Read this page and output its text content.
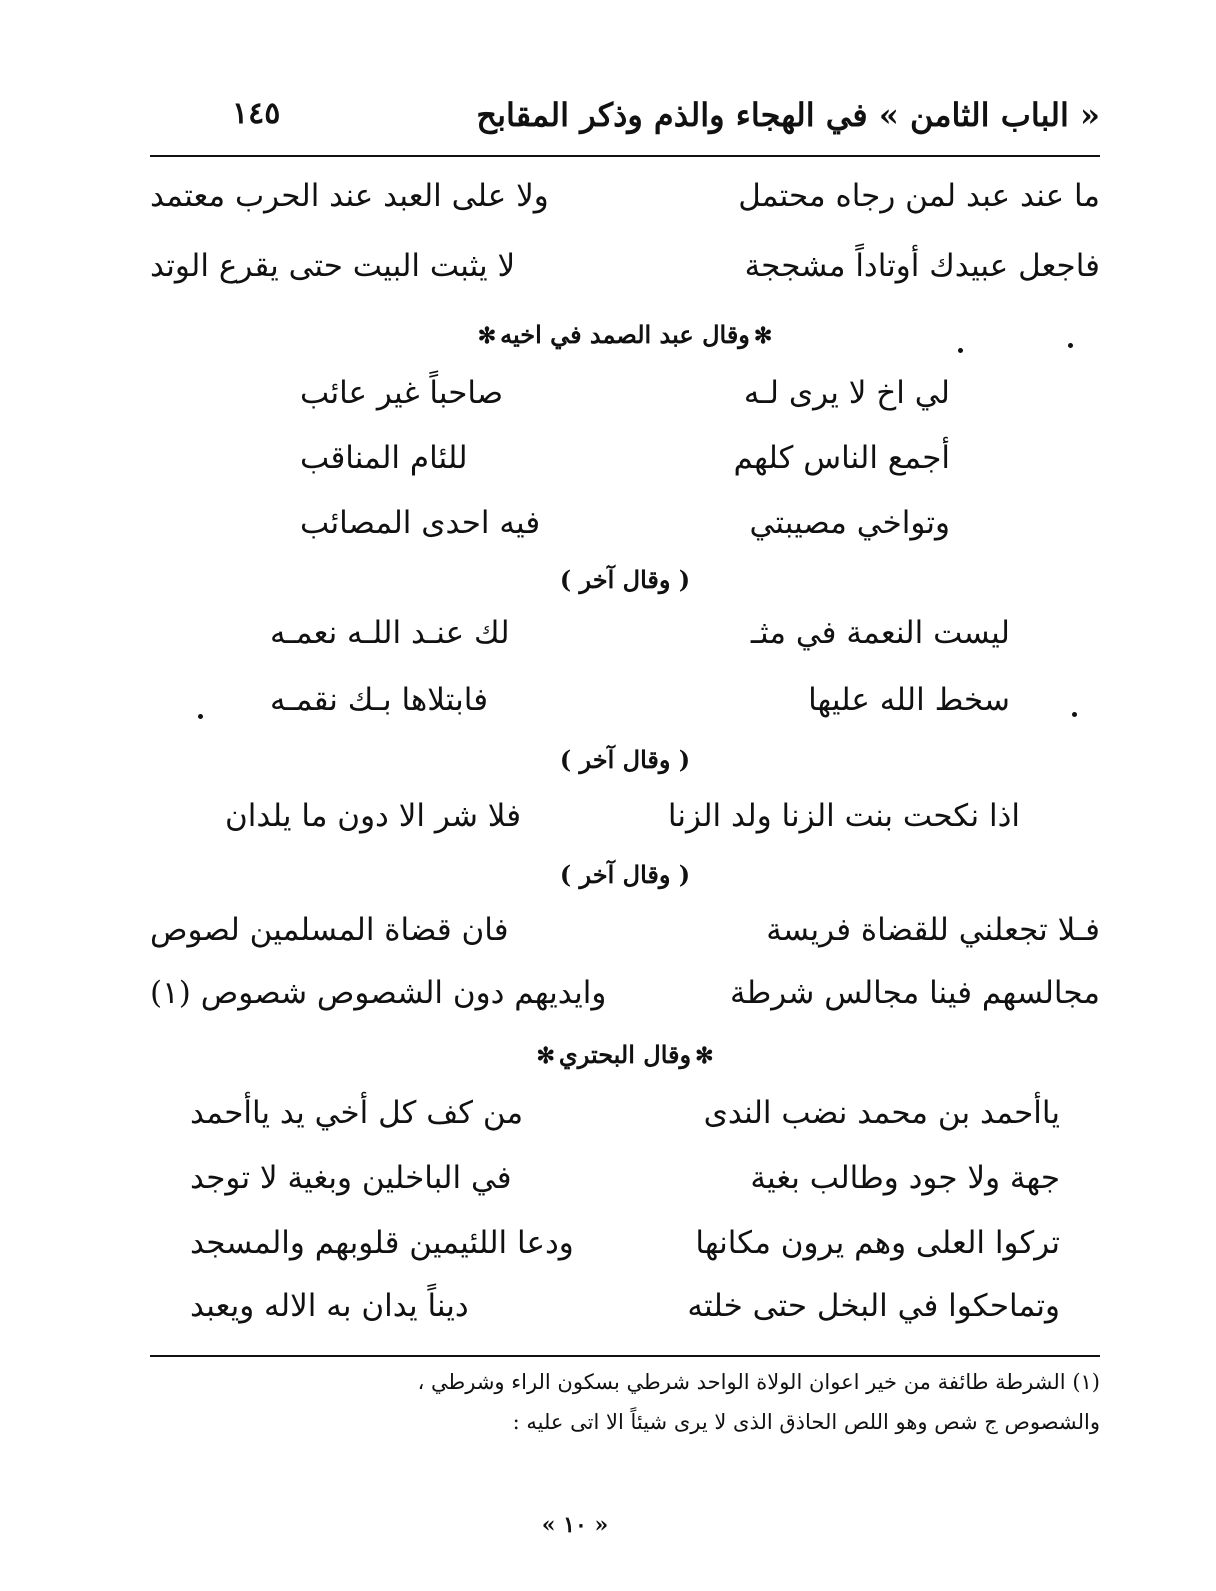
« الباب الثامن » في الهجاء والذم وذكر المقابح
١٤٥
ما عند عبد لمن رجاه محتمل
ولا على العبد عند الحرب معتمد
فاجعل عبيدك أوتاداً مشججة
لا يثبت البيت حتى يقرع الوتد
✻وقال عبد الصمد في اخيه✻
لي اخ لا يرى لـه
صاحباً غير عائب
أجمع الناس كلهم
للئام المناقب
وتواخي مصيبتي
فيه احدى المصائب
( وقال آخر )
ليست النعمة في مثـ
لك عنـد اللـه نعمـه
سخط الله عليها
فابتلاها بـك نقمـه
( وقال آخر )
اذا نكحت بنت الزنا ولد الزنا
فلا شر الا دون ما يلدان
( وقال آخر )
فـلا تجعلني للقضاة فريسة
فان قضاة المسلمين لصوص
مجالسهم فينا مجالس شرطة
وايديهم دون الشصوص شصوص (١)
✻وقال البحتري✻
ياأحمد بن محمد نضب الندى
من كف كل أخي يد ياأحمد
جهة ولا جود وطالب بغية
في الباخلين وبغية لا توجد
تركوا العلى وهم يرون مكانها
ودعا اللئيمين قلوبهم والمسجد
وتماحكوا في البخل حتى خلته
ديناً يدان به الاله ويعبد
(١) الشرطة طائفة من خير اعوان الولاة الواحد شرطي بسكون الراء وشرطي ،
والشصوص ج شص وهو اللص الحاذق الذى لا يرى شيئاً الا اتى عليه :
« ١٠ »
